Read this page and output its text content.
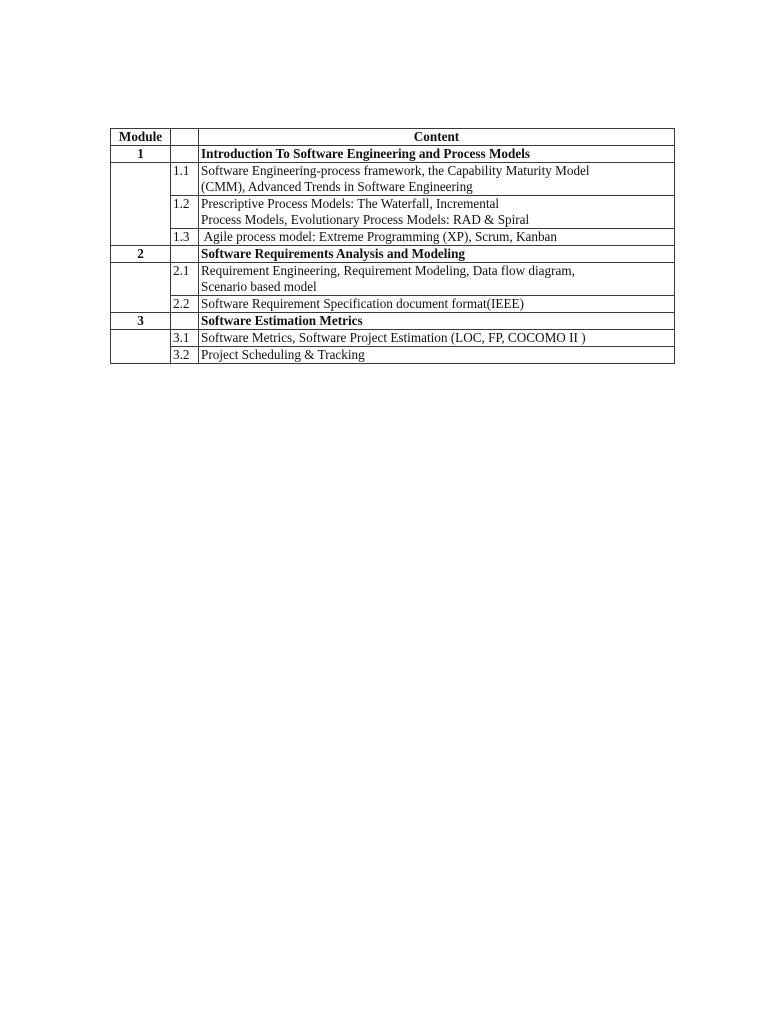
Module		Content
1		Introduction To Software Engineering and Process Models
	1.1	Software Engineering-process framework, the Capability Maturity Model
(CMM), Advanced Trends in Software Engineering

	1.2	Prescriptive Process Models: The Waterfall, Incremental
Process Models, Evolutionary Process Models: RAD & Spiral

	1.3	Agile process model: Extreme Programming (XP), Scrum, Kanban

2		Software Requirements Analysis and Modeling
	2.1	Requirement Engineering, Requirement Modeling, Data flow diagram,
Scenario based model

	2.2	Software Requirement Specification document format(IEEE)

3		Software Estimation Metrics
	3.1	Software Metrics, Software Project Estimation (LOC, FP, COCOMO II )

	3.2	Project Scheduling & Tracking
